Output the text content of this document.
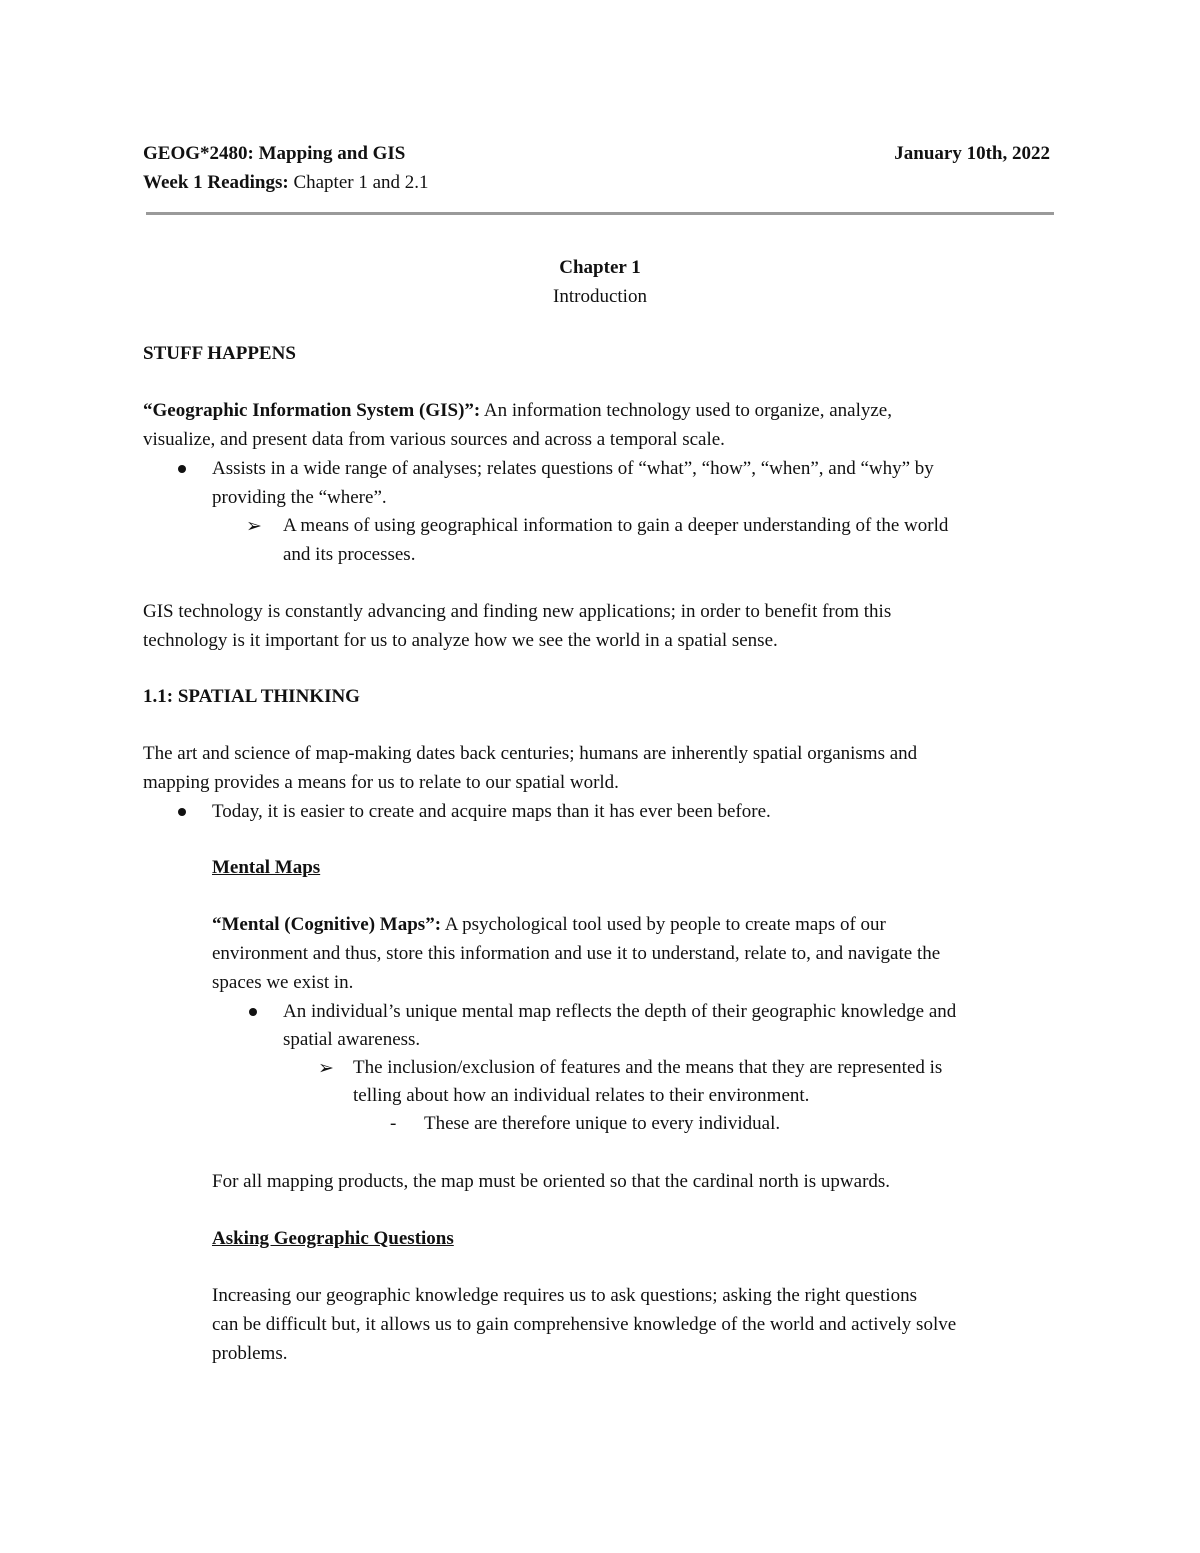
GEOG*2480: Mapping and GIS	January 10th, 2022
Week 1 Readings: Chapter 1 and 2.1
Chapter 1
Introduction
STUFF HAPPENS
“Geographic Information System (GIS)”: An information technology used to organize, analyze,
visualize, and present data from various sources and across a temporal scale.
Assists in a wide range of analyses; relates questions of “what”, “how”, “when”, and “why” by
providing the “where”.
➢ A means of using geographical information to gain a deeper understanding of the world
and its processes.
GIS technology is constantly advancing and finding new applications; in order to benefit from this
technology is it important for us to analyze how we see the world in a spatial sense.
1.1: SPATIAL THINKING
The art and science of map-making dates back centuries; humans are inherently spatial organisms and
mapping provides a means for us to relate to our spatial world.
Today, it is easier to create and acquire maps than it has ever been before.
Mental Maps
“Mental (Cognitive) Maps”: A psychological tool used by people to create maps of our
environment and thus, store this information and use it to understand, relate to, and navigate the
spaces we exist in.
An individual’s unique mental map reflects the depth of their geographic knowledge and
spatial awareness.
➢ The inclusion/exclusion of features and the means that they are represented is
telling about how an individual relates to their environment.
- These are therefore unique to every individual.
For all mapping products, the map must be oriented so that the cardinal north is upwards.
Asking Geographic Questions
Increasing our geographic knowledge requires us to ask questions; asking the right questions
can be difficult but, it allows us to gain comprehensive knowledge of the world and actively solve
problems.
